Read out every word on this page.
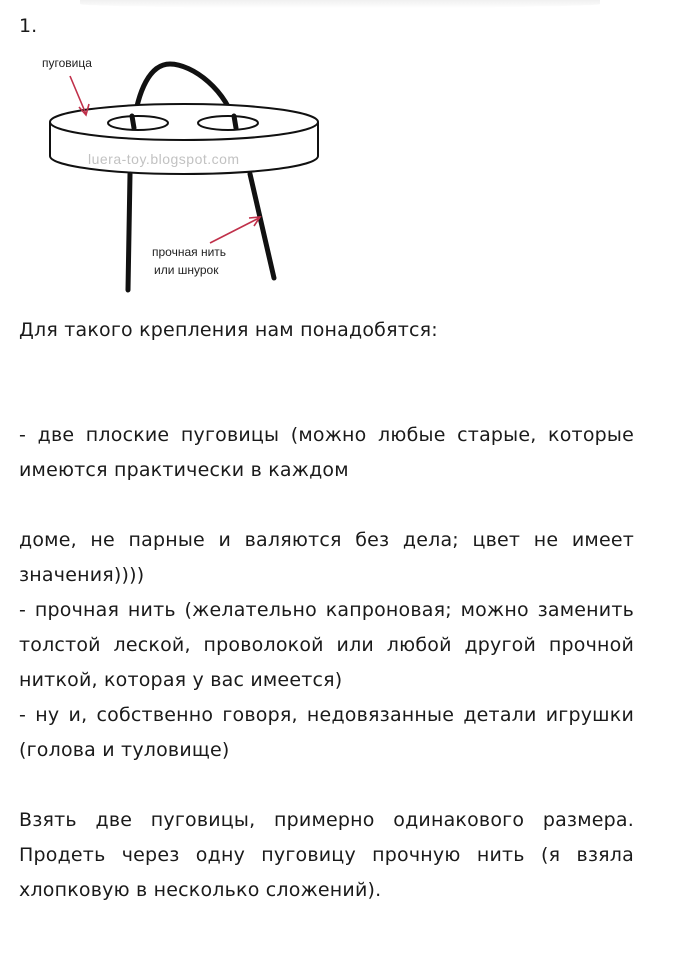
1.
пуговица
luera-toy.blogspot.com
прочная нить
или шнурок

Для такого крепления нам понадобятся:

- две плоские пуговицы (можно любые старые, которые имеются практически в каждом

доме, не парные и валяются без дела; цвет не имеет значения))))

- прочная нить (желательно капроновая; можно заменить толстой леской, проволокой или любой другой прочной ниткой, которая у вас имеется)

- ну и, собственно говоря, недовязанные детали игрушки (голова и туловище)

Взять две пуговицы, примерно одинакового размера. Продеть через одну пуговицу прочную нить (я взяла хлопковую в несколько сложений).
